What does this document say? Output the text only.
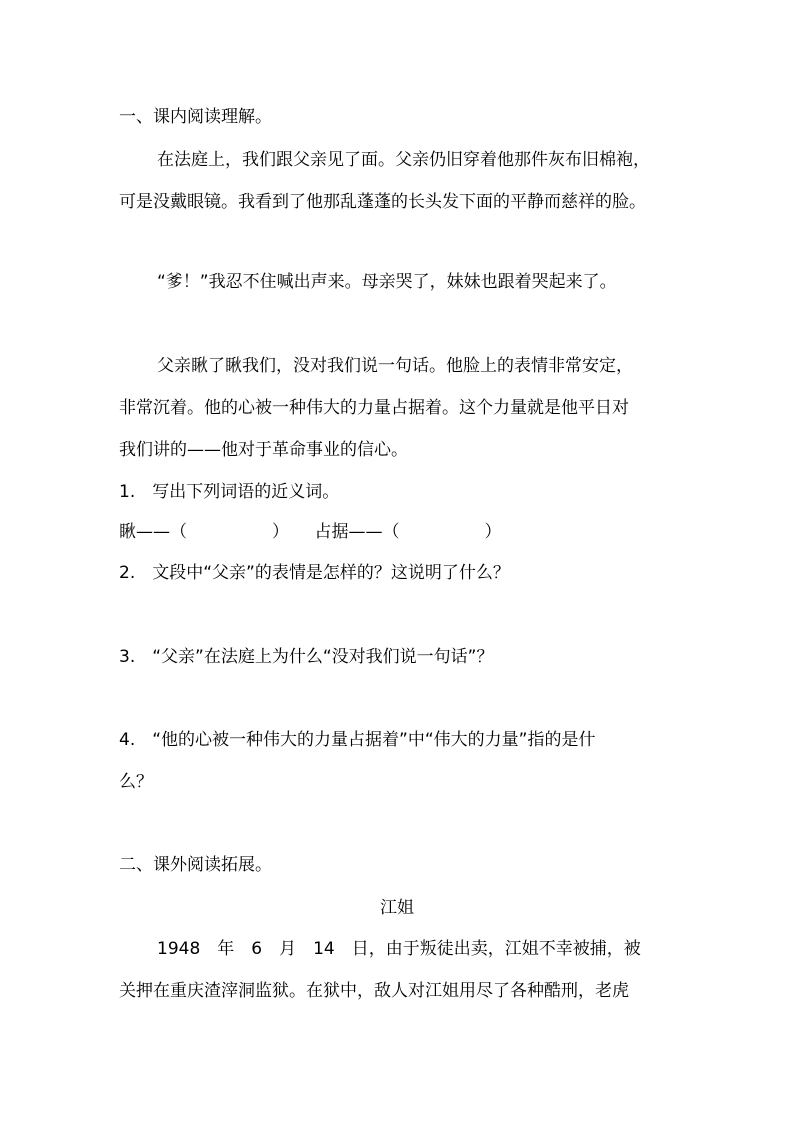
一、课内阅读理解。
在法庭上，我们跟父亲见了面。父亲仍旧穿着他那件灰布旧棉袍，
可是没戴眼镜。我看到了他那乱蓬蓬的长头发下面的平静而慈祥的脸。
“爹！”我忍不住喊出声来。母亲哭了，妹妹也跟着哭起来了。
父亲瞅了瞅我们，没对我们说一句话。他脸上的表情非常安定，
非常沉着。他的心被一种伟大的力量占据着。这个力量就是他平日对
我们讲的——他对于革命事业的信心。
1.　写出下列词语的近义词。
瞅——（　　　　　）　　占据——（　　　　　）
2.　文段中“父亲”的表情是怎样的？这说明了什么？
3.　“父亲”在法庭上为什么“没对我们说一句话”？
4.　“他的心被一种伟大的力量占据着”中“伟大的力量”指的是什
么？
二、课外阅读拓展。
江姐
1948　年　6　月　14　日，由于叛徒出卖，江姐不幸被捕，被
关押在重庆渣滓洞监狱。在狱中，敌人对江姐用尽了各种酷刑，老虎
